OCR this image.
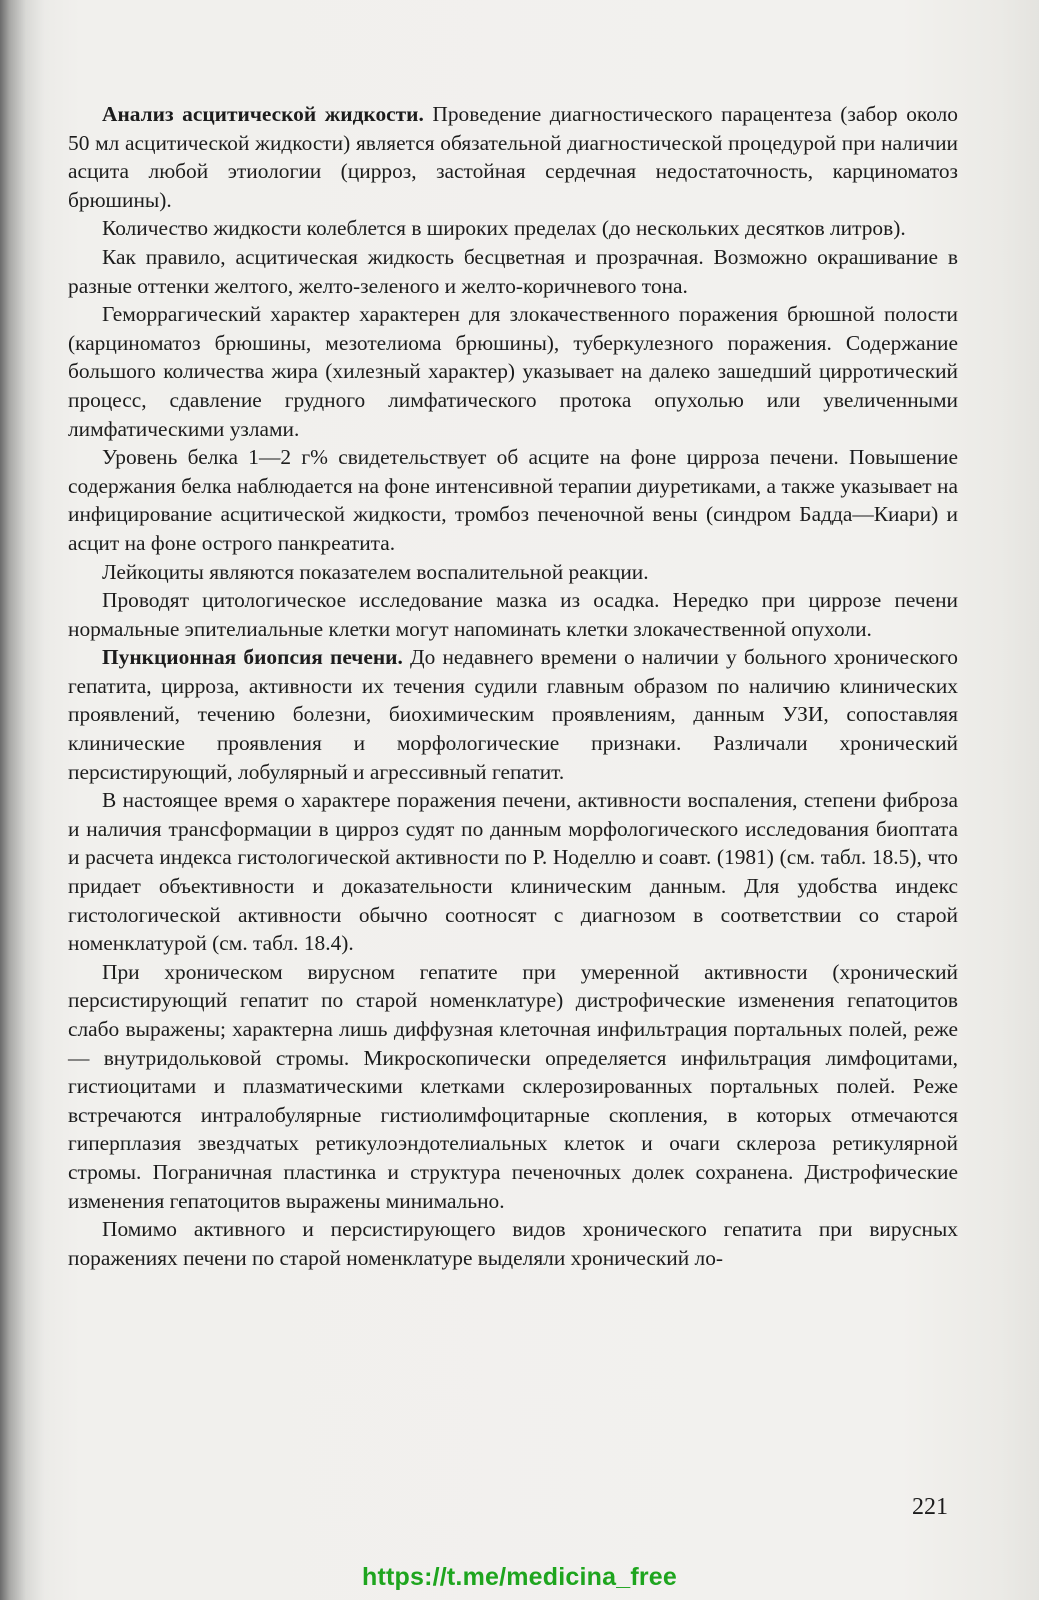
Анализ асцитической жидкости. Проведение диагностического парацентеза (забор около 50 мл асцитической жидкости) является обязательной диагностической процедурой при наличии асцита любой этиологии (цирроз, застойная сердечная недостаточность, карциноматоз брюшины).

Количество жидкости колеблется в широких пределах (до нескольких десятков литров).

Как правило, асцитическая жидкость бесцветная и прозрачная. Возможно окрашивание в разные оттенки желтого, желто-зеленого и желто-коричневого тона.

Геморрагический характер характерен для злокачественного поражения брюшной полости (карциноматоз брюшины, мезотелиома брюшины), туберкулезного поражения. Содержание большого количества жира (хилезный характер) указывает на далеко зашедший цирротический процесс, сдавление грудного лимфатического протока опухолью или увеличенными лимфатическими узлами.

Уровень белка 1—2 г% свидетельствует об асците на фоне цирроза печени. Повышение содержания белка наблюдается на фоне интенсивной терапии диуретиками, а также указывает на инфицирование асцитической жидкости, тромбоз печеночной вены (синдром Бадда—Киари) и асцит на фоне острого панкреатита.

Лейкоциты являются показателем воспалительной реакции.

Проводят цитологическое исследование мазка из осадка. Нередко при циррозе печени нормальные эпителиальные клетки могут напоминать клетки злокачественной опухоли.

Пункционная биопсия печени. До недавнего времени о наличии у больного хронического гепатита, цирроза, активности их течения судили главным образом по наличию клинических проявлений, течению болезни, биохимическим проявлениям, данным УЗИ, сопоставляя клинические проявления и морфологические признаки. Различали хронический персистирующий, лобулярный и агрессивный гепатит.

В настоящее время о характере поражения печени, активности воспаления, степени фиброза и наличия трансформации в цирроз судят по данным морфологического исследования биоптата и расчета индекса гистологической активности по Р. Ноделлю и соавт. (1981) (см. табл. 18.5), что придает объективности и доказательности клиническим данным. Для удобства индекс гистологической активности обычно соотносят с диагнозом в соответствии со старой номенклатурой (см. табл. 18.4).

При хроническом вирусном гепатите при умеренной активности (хронический персистирующий гепатит по старой номенклатуре) дистрофические изменения гепатоцитов слабо выражены; характерна лишь диффузная клеточная инфильтрация портальных полей, реже — внутридольковой стромы. Микроскопически определяется инфильтрация лимфоцитами, гистиоцитами и плазматическими клетками склерозированных портальных полей. Реже встречаются интралобулярные гистиолимфоцитарные скопления, в которых отмечаются гиперплазия звездчатых ретикулоэндотелиальных клеток и очаги склероза ретикулярной стромы. Пограничная пластинка и структура печеночных долек сохранена. Дистрофические изменения гепатоцитов выражены минимально.

Помимо активного и персистирующего видов хронического гепатита при вирусных поражениях печени по старой номенклатуре выделяли хронический ло-

221
https://t.me/medicina_free
